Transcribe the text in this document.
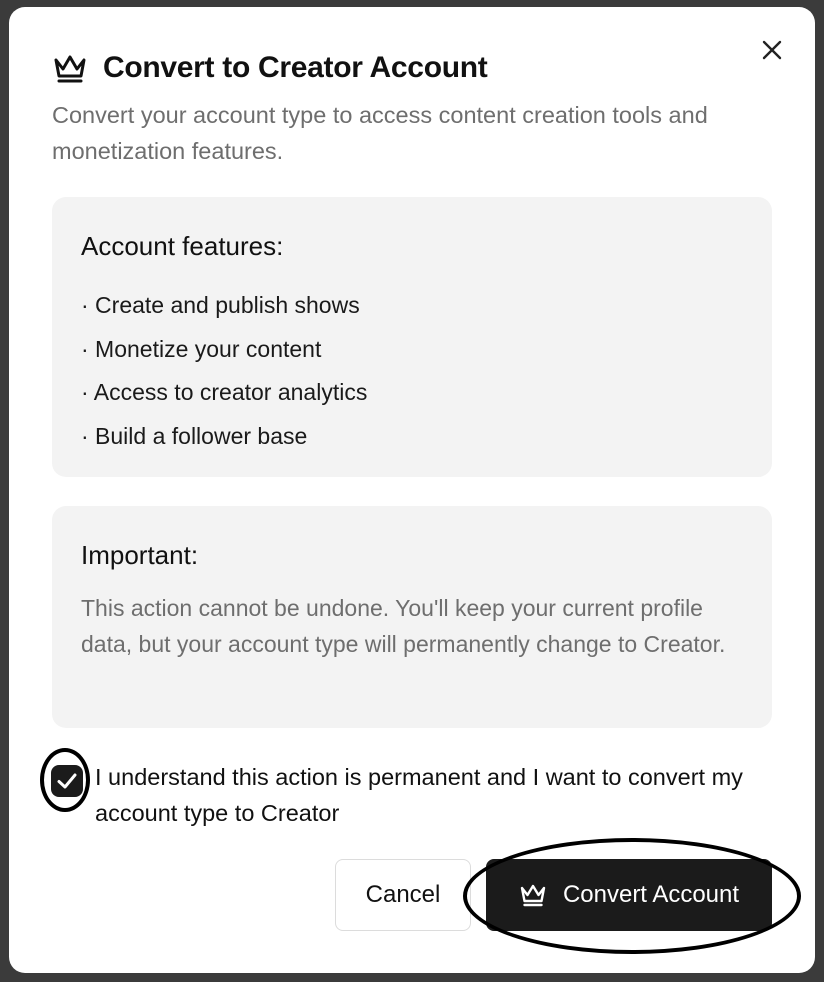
Convert to Creator Account
Convert your account type to access content creation tools and monetization features.
Account features:
· Create and publish shows
· Monetize your content
· Access to creator analytics
· Build a follower base
Important:
This action cannot be undone. You'll keep your current profile data, but your account type will permanently change to Creator.
I understand this action is permanent and I want to convert my account type to Creator
Cancel	Convert Account
